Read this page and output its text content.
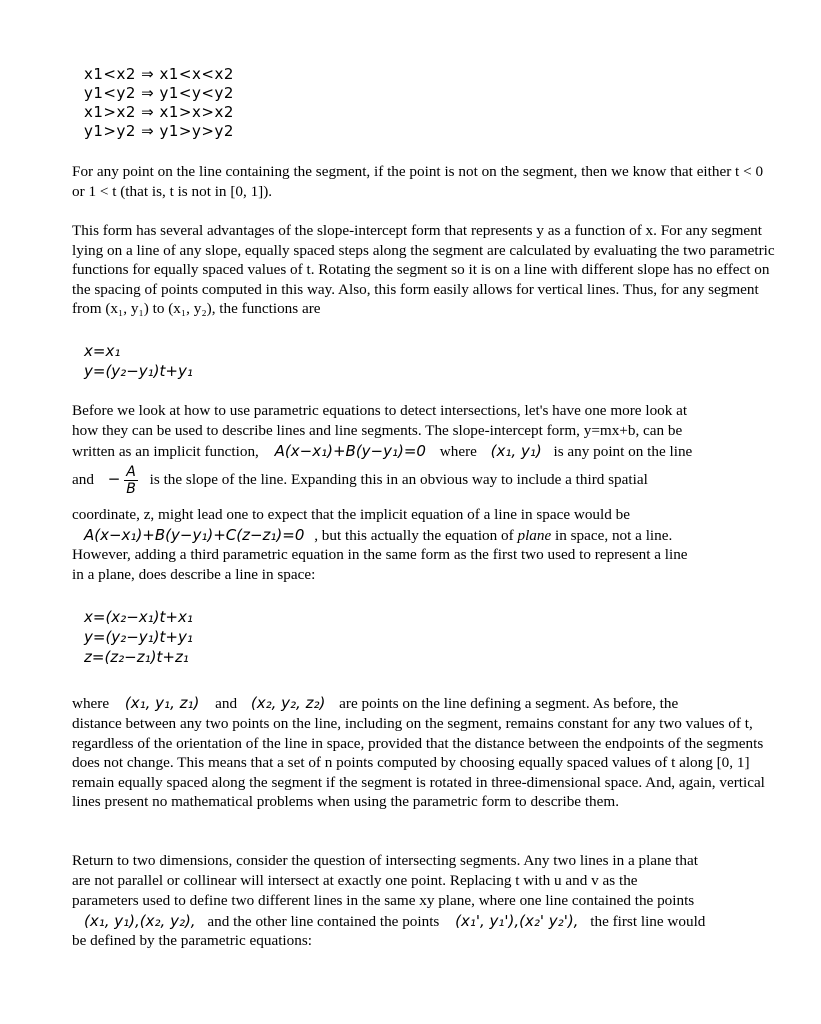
x1<x2 ⇒ x1<x<x2
y1<y2 ⇒ y1<y<y2
x1>x2 ⇒ x1>x>x2
y1>y2 ⇒ y1>y>y2

For any point on the line containing the segment, if the point is not on the segment, then we know that either t < 0 or 1 < t (that is, t is not in [0, 1]).

This form has several advantages of the slope-intercept form that represents y as a function of x. For any segment lying on a line of any slope, equally spaced steps along the segment are calculated by evaluating the two parametric functions for equally spaced values of t. Rotating the segment so it is on a line with different slope has no effect on the spacing of points computed in this way. Also, this form easily allows for vertical lines. Thus, for any segment from (x₁, y₁) to (x₁, y₂), the functions are

x=x₁
y=(y₂−y₁)t+y₁
Before we look at how to use parametric equations to detect intersections, let's have one more look at
how they can be used to describe lines and line segments. The slope-intercept form, y=mx+b, can be
written as an implicit function, A(x−x₁)+B(y−y₁)=0 where (x₁, y₁) is any point on the line
and − $\frac{A}{B}$ is the slope of the line. Expanding this in an obvious way to include a third spatial
coordinate, z, might lead one to expect that the implicit equation of a line in space would be
A(x−x₁)+B(y−y₁)+C(z−z₁)=0 , but this actually the equation of plane in space, not a line.
However, adding a third parametric equation in the same form as the first two used to represent a line
in a plane, does describe a line in space:
x=(x₂−x₁)t+x₁
y=(y₂−y₁)t+y₁
z=(z₂−z₁)t+z₁
where (x₁, y₁, z₁) and (x₂, y₂, z₂) are points on the line defining a segment. As before, the

distance between any two points on the line, including on the segment, remains constant for any two values of t, regardless of the orientation of the line in space, provided that the distance between the endpoints of the segments does not change. This means that a set of n points computed by choosing equally spaced values of t along [0, 1] remain equally spaced along the segment if the segment is rotated in three-dimensional space. And, again, vertical lines present no mathematical problems when using the parametric form to describe them.

Return to two dimensions, consider the question of intersecting segments. Any two lines in a plane that
are not parallel or collinear will intersect at exactly one point. Replacing t with u and v as the
parameters used to define two different lines in the same xy plane, where one line contained the points
(x₁, y₁),(x₂, y₂), and the other line contained the points (x₁', y₁'),(x₂' y₂'), the first line would
be defined by the parametric equations:
